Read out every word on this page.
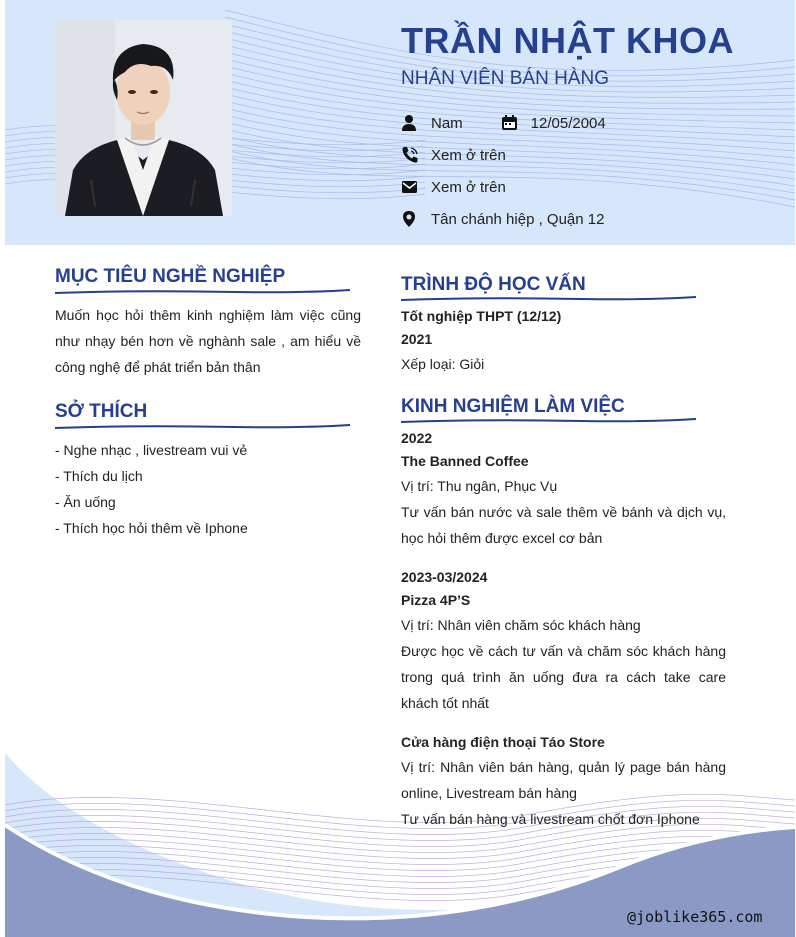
TRẦN NHẬT KHOA
NHÂN VIÊN BÁN HÀNG
Nam	12/05/2004
Xem ở trên
Xem ở trên
Tân chánh hiệp , Quận 12
MỤC TIÊU NGHỀ NGHIỆP
Muốn học hỏi thêm kinh nghiệm làm việc cũng như nhạy bén hơn về nghành sale , am hiểu về công nghệ để phát triển bản thân
SỞ THÍCH
- Nghe nhạc , livestream vui vẻ
- Thích du lịch
- Ăn uống
- Thích học hỏi thêm về Iphone
TRÌNH ĐỘ HỌC VẤN
Tốt nghiệp THPT (12/12)
2021
Xếp loại: Giỏi
KINH NGHIỆM LÀM VIỆC
2022
The Banned Coffee
Vị trí: Thu ngân, Phục Vụ
Tư vấn bán nước và sale thêm về bánh và dịch vụ, học hỏi thêm được excel cơ bản
2023-03/2024
Pizza 4P’S
Vị trí: Nhân viên chăm sóc khách hàng
Được học về cách tư vấn và chăm sóc khách hàng trong quá trình ăn uống đưa ra cách take care khách tốt nhất
Cửa hàng điện thoại Táo Store
Vị trí: Nhân viên bán hàng, quản lý page bán hàng online, Livestream bán hàng
Tư vấn bán hàng và livestream chốt đơn Iphone
@joblike365.com
